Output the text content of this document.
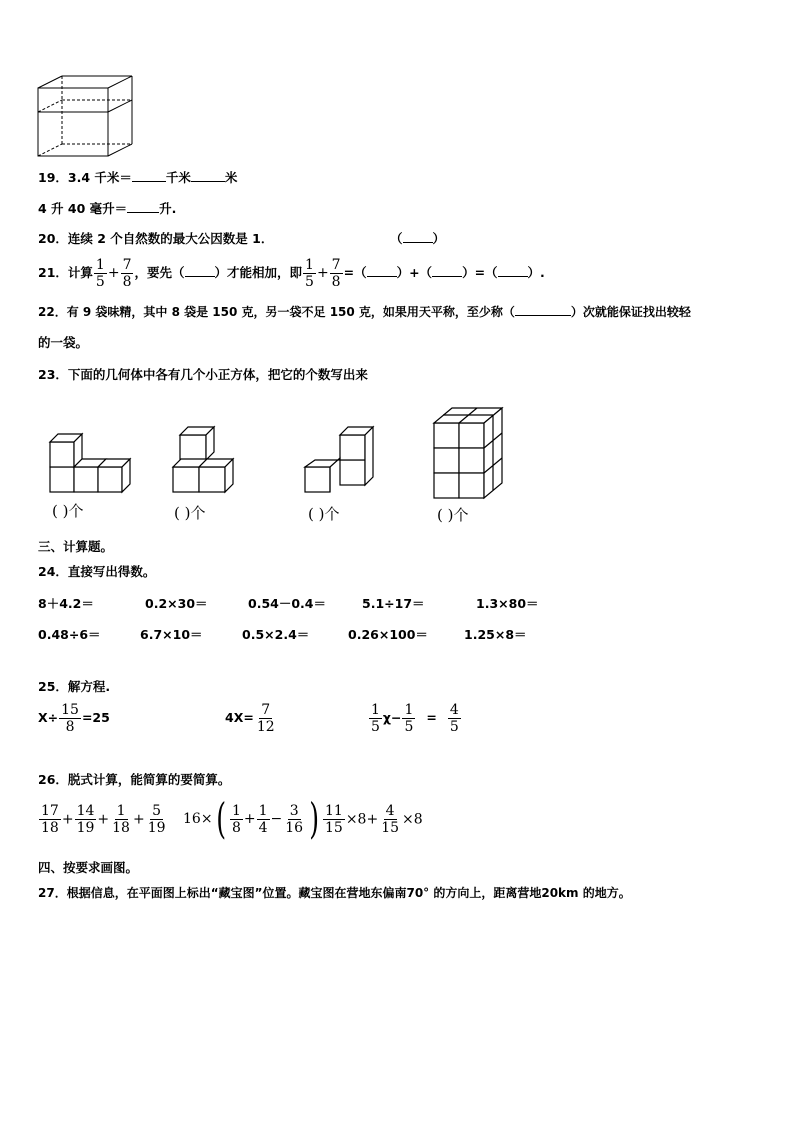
19．3.4 千米＝	千米	米
4 升 40 毫升＝	升.
20．连续 2 个自然数的最大公因数是 1．	（ ）
21．计算 $\frac{1}{5} + \frac{7}{8}$ ，要先（ ）才能相加，即 $\frac{1}{5} + \frac{7}{8}$ =（ ）+（ ）=（ ）.
22．有 9 袋味精，其中 8 袋是 150 克，另一袋不足 150 克，如果用天平称，至少称（	）次就能保证找出较轻
的一袋。
23．下面的几何体中各有几个小正方体，把它的个数写出来
( )个	( )个	( )个	( )个
三、计算题。
24．直接写出得数。
8＋4.2＝	0.2×30＝	0.54－0.4＝	5.1÷17＝	1.3×80＝
0.48÷6＝	6.7×10＝	0.5×2.4＝	0.26×100＝	1.25×8＝
25．解方程.
$X\div \frac{15}{8} =25$	$4X= \frac{7}{12}$	$\frac{1}{5} \chi- \frac{1}{5} = \frac{4}{5}$
26．脱式计算，能简算的要简算。
$\frac{17}{18} + \frac{14}{19} + \frac{1}{18} + \frac{5}{19} 16\times( \frac{1}{8} + \frac{1}{4} - \frac{3}{16}$ ) $\frac{11}{15} \times 8+ \frac{4}{15} \times 8$
四、按要求画图。
27．根据信息，在平面图上标出“藏宝图”位置。藏宝图在营地东偏南70° 的方向上，距离营地20km 的地方。
